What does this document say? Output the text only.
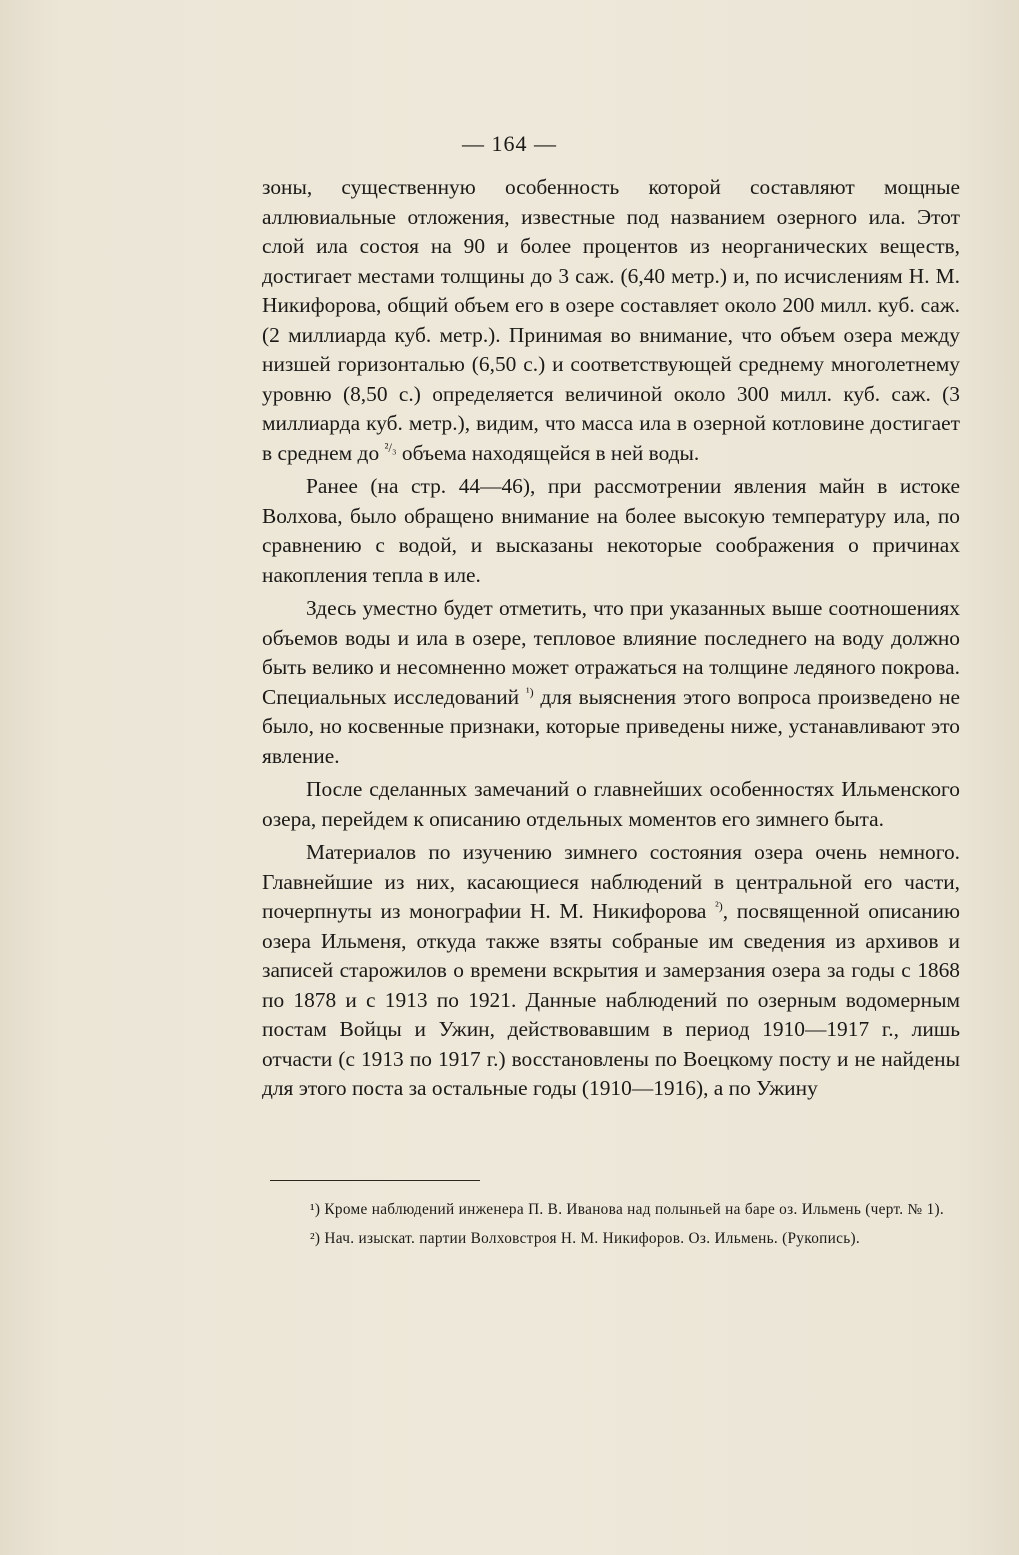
— 164 —

зоны, существенную особенность которой составляют мощные аллювиальные отложения, известные под названием озерного ила. Этот слой ила состоя на 90 и более процентов из неорганических веществ, достигает местами толщины до 3 саж. (6,40 метр.) и, по исчислениям Н. М. Никифорова, общий объем его в озере составляет около 200 милл. куб. саж. (2 миллиарда куб. метр.). Принимая во внимание, что объем озера между низшей горизонталью (6,50 с.) и соответствующей среднему многолетнему уровню (8,50 с.) определяется величиной около 300 милл. куб. саж. (3 миллиарда куб. метр.), видим, что масса ила в озерной котловине достигает в среднем до $^{^2/_3}$ объема находящейся в ней воды.

Ранее (на стр. 44—46), при рассмотрении явления майн в истоке Волхова, было обращено внимание на более высокую температуру ила, по сравнению с водой, и высказаны некоторые соображения о причинах накопления тепла в иле.

Здесь уместно будет отметить, что при указанных выше соотношениях объемов воды и ила в озере, тепловое влияние последнего на воду должно быть велико и несомненно может отражаться на толщине ледяного покрова. Специальных исследований $^{^1)}$ для выяснения этого вопроса произведено не было, но косвенные признаки, которые приведены ниже, устанавливают это явление.

После сделанных замечаний о главнейших особенностях Ильменского озера, перейдем к описанию отдельных моментов его зимнего быта.

Материалов по изучению зимнего состояния озера очень немного. Главнейшие из них, касающиеся наблюдений в центральной его части, почерпнуты из монографии Н. М. Никифорова $^{^2)}$, посвященной описанию озера Ильменя, откуда также взяты собраные им сведения из архивов и записей старожилов о времени вскрытия и замерзания озера за годы с 1868 по 1878 и с 1913 по 1921. Данные наблюдений по озерным водомерным постам Войцы и Ужин, действовавшим в период 1910—1917 г., лишь отчасти (с 1913 по 1917 г.) восстановлены по Воецкому посту и не найдены для этого поста за остальные годы (1910—1916), а по Ужину

¹) Кроме наблюдений инженера П. В. Иванова над полыньей на баре оз. Ильмень (черт. № 1).

²) Нач. изыскат. партии Волховстроя Н. М. Никифоров. Оз. Ильмень. (Рукопись).
